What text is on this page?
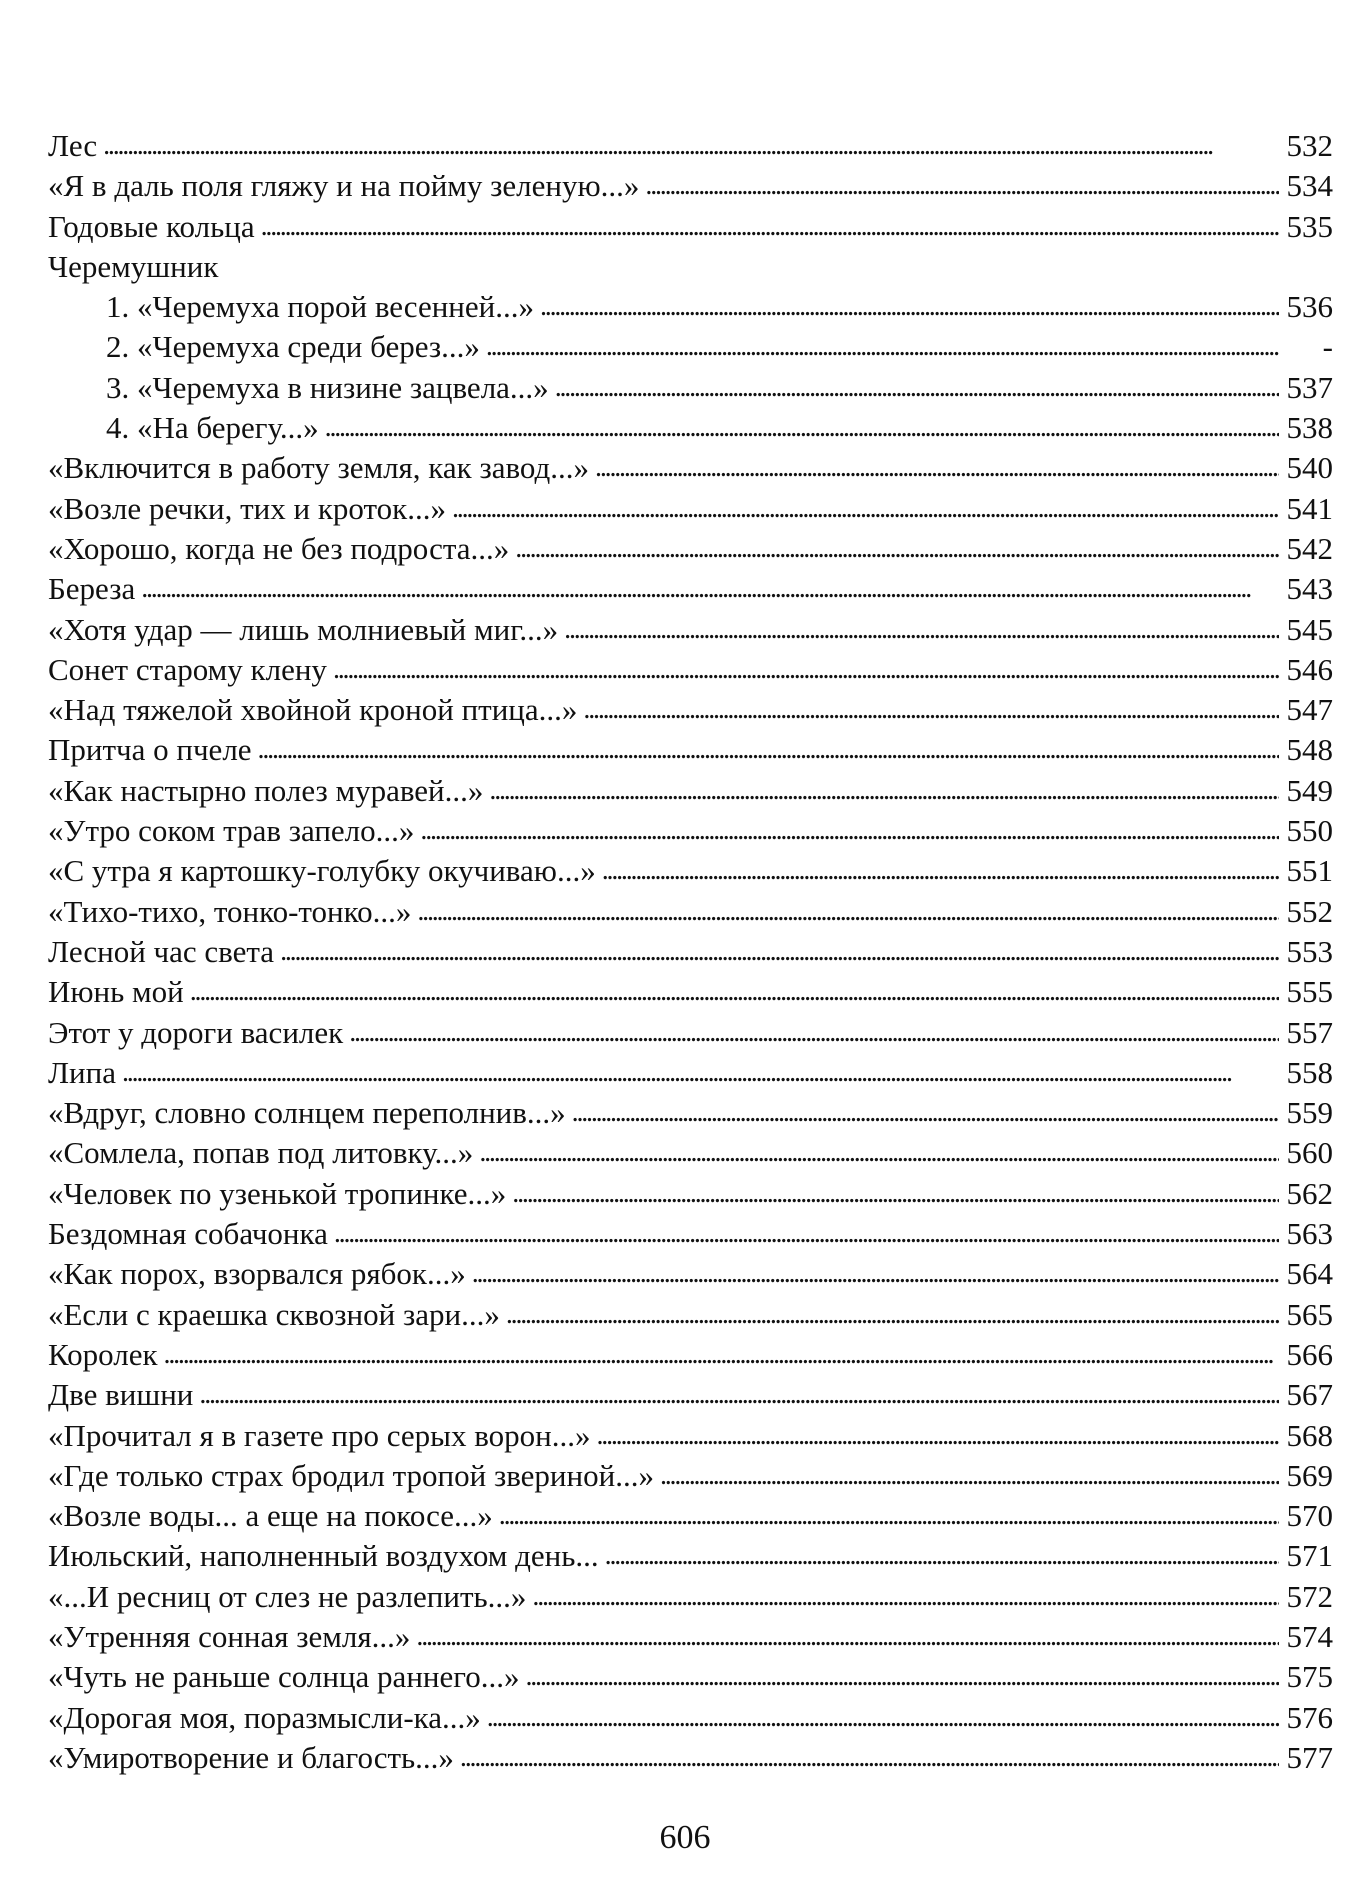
Лес . . .	532
«Я в даль поля гляжу и на пойму зеленую...» . . .	534
Годовые кольца . . .	535
Черемушник
1. «Черемуха порой весенней...» . . .	536
2. «Черемуха среди берез...» . . .	-
3. «Черемуха в низине зацвела...» . . .	537
4. «На берегу...» . . .	538
«Включится в работу земля, как завод...» . . .	540
«Возле речки, тих и кроток...» . . .	541
«Хорошо, когда не без подроста...» . . .	542
Береза . . .	543
«Хотя удар — лишь молниевый миг...» . . .	545
Сонет старому клену . . .	546
«Над тяжелой хвойной кроной птица...» . . .	547
Притча о пчеле . . .	548
«Как настырно полез муравей...» . . .	549
«Утро соком трав запело...» . . .	550
«С утра я картошку-голубку окучиваю...» . . .	551
«Тихо-тихо, тонко-тонко...» . . .	552
Лесной час света . . .	553
Июнь мой . . .	555
Этот у дороги василек . . .	557
Липа . . .	558
«Вдруг, словно солнцем переполнив...» . . .	559
«Сомлела, попав под литовку...» . . .	560
«Человек по узенькой тропинке...» . . .	562
Бездомная собачонка . . .	563
«Как порох, взорвался рябок...» . . .	564
«Если с краешка сквозной зари...» . . .	565
Королек . . .	566
Две вишни . . .	567
«Прочитал я в газете про серых ворон...» . . .	568
«Где только страх бродил тропой звериной...» . . .	569
«Возле воды... а еще на покосе...» . . .	570
Июльский, наполненный воздухом день... . . .	571
«...И ресниц от слез не разлепить...» . . .	572
«Утренняя сонная земля...» . . .	574
«Чуть не раньше солнца раннего...» . . .	575
«Дорогая моя, поразмысли-ка...» . . .	576
«Умиротворение и благость...» . . .	577
606
